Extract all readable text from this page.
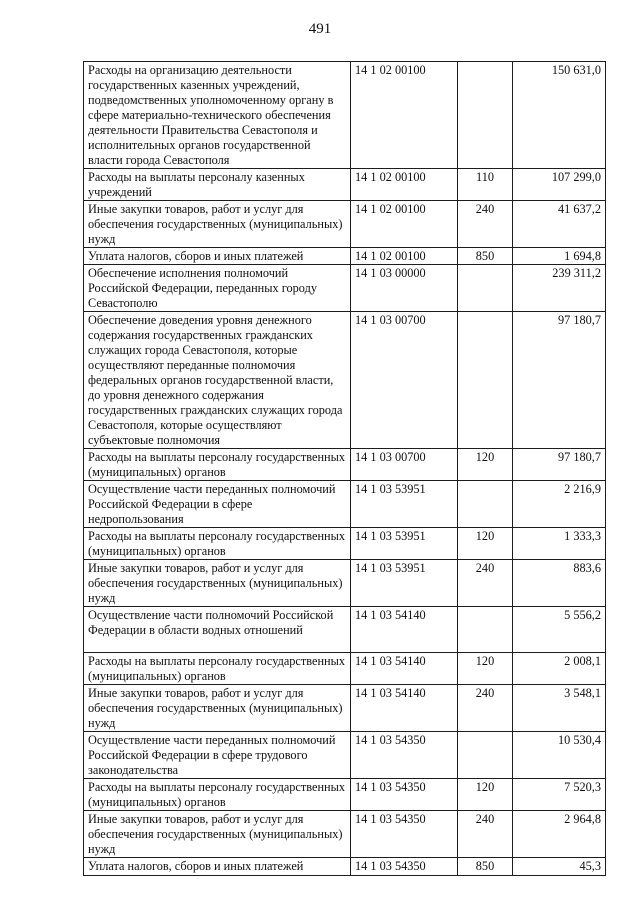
491
Расходы на организацию деятельности государственных казенных учреждений, подведомственных уполномоченному органу в сфере материально-технического обеспечения деятельности Правительства Севастополя и исполнительных органов государственной власти города Севастополя	14 1 02 00100		150 631,0
Расходы на выплаты персоналу казенных учреждений	14 1 02 00100	110	107 299,0
Иные закупки товаров, работ и услуг для обеспечения государственных (муниципальных) нужд	14 1 02 00100	240	41 637,2
Уплата налогов, сборов и иных платежей	14 1 02 00100	850	1 694,8
Обеспечение исполнения полномочий Российской Федерации, переданных городу Севастополю	14 1 03 00000		239 311,2
Обеспечение доведения уровня денежного содержания государственных гражданских служащих города Севастополя, которые осуществляют переданные полномочия федеральных органов государственной власти, до уровня денежного содержания государственных гражданских служащих города Севастополя, которые осуществляют субъектовые полномочия	14 1 03 00700		97 180,7
Расходы на выплаты персоналу государственных (муниципальных) органов	14 1 03 00700	120	97 180,7
Осуществление части переданных полномочий Российской Федерации в сфере недропользования	14 1 03 53951		2 216,9
Расходы на выплаты персоналу государственных (муниципальных) органов	14 1 03 53951	120	1 333,3
Иные закупки товаров, работ и услуг для обеспечения государственных (муниципальных) нужд	14 1 03 53951	240	883,6
Осуществление части полномочий Российской Федерации в области водных отношений	14 1 03 54140		5 556,2
Расходы на выплаты персоналу государственных (муниципальных) органов	14 1 03 54140	120	2 008,1
Иные закупки товаров, работ и услуг для обеспечения государственных (муниципальных) нужд	14 1 03 54140	240	3 548,1
Осуществление части переданных полномочий Российской Федерации в сфере трудового законодательства	14 1 03 54350		10 530,4
Расходы на выплаты персоналу государственных (муниципальных) органов	14 1 03 54350	120	7 520,3
Иные закупки товаров, работ и услуг для обеспечения государственных (муниципальных) нужд	14 1 03 54350	240	2 964,8
Уплата налогов, сборов и иных платежей	14 1 03 54350	850	45,3
